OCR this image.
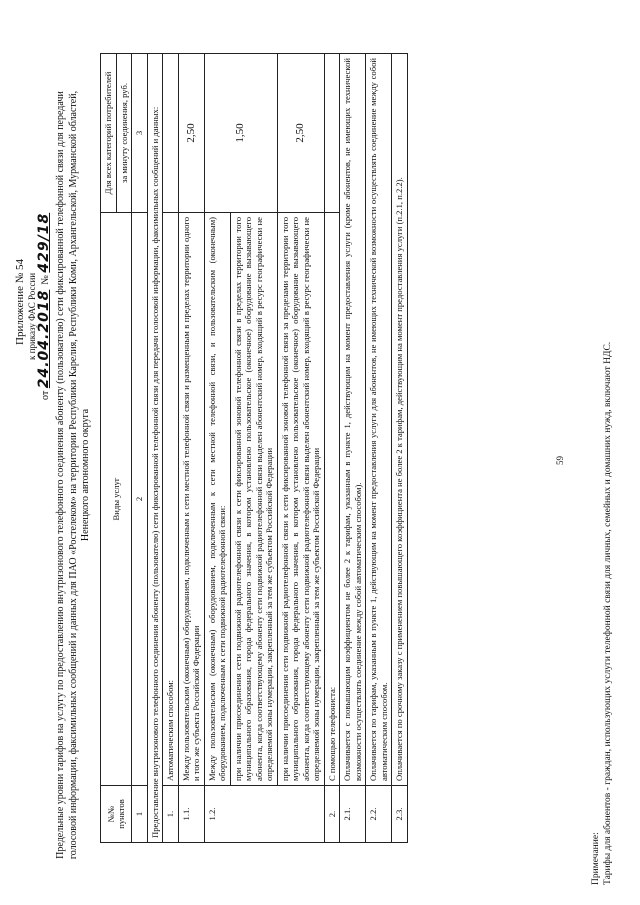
Приложение № 54 к приказу ФАС России
от 24.04.2018  № 429/18 Предельные уровни тарифов на услугу по предоставлению внутризонового телефонного соединения абоненту (пользователю) сети фиксированной телефонной связи для передачи голосовой информации, факсимильных сообщений и данных для ПАО «Ростелеком» на территории Республики Карелия, Республики Коми, Архангельской, Мурманской областей, Ненецкого автономного округа
№№ пунктов	Виды услуг	Для всех категорий потребителей
		за минуту соединения, руб.
1	2	3
Предоставление внутризонового телефонного соединения абоненту (пользователю) сети фиксированной телефонной связи для передачи голосовой информации, факсимильных сообщений и данных:		
1.	Автоматическим способом:	
1.1.	Между пользовательским (оконечным) оборудованием, подключенным к сети местной телефонной связи и размещенным в пределах территории одного и того же субъекта Российской Федерации	2,50
1.2.	Между пользовательским (оконечным) оборудованием, подключенным к сети местной телефонной связи, и пользовательским (оконечным) оборудованием, подключенным к сети подвижной радиотелефонной связи:	1,50
	при наличии присоединения сети подвижной радиотелефонной связи к сети фиксированной зоновой телефонной связи в пределах территории того муниципального образования, города федерального значения, в котором установлено пользовательское (оконечное) оборудование вызывающего абонента, когда соответствующему абоненту сети подвижной радиотелефонной связи выделен абонентский номер, входящий в ресурс географически не определяемой зоны нумерации, закрепленный за тем же субъектом Российской Федерации	
	при наличии присоединения сети подвижной радиотелефонной связи к сети фиксированной зоновой телефонной связи за пределами территории того муниципального образования, города федерального значения, в котором установлено пользовательское (оконечное) оборудование вызывающего абонента, когда соответствующему абоненту сети подвижной радиотелефонной связи выделен абонентский номер, входящий в ресурс географически не определяемой зоны нумерации, закрепленный за тем же субъектом Российской Федерации	2,50
2.	С помощью телефониста:	
2.1.	Оплачивается с повышающим коэффициентом не более 2 к тарифам, указанным в пункте 1, действующим на момент предоставления услуги (кроме абонентов, не имеющих технической возможности осуществлять соединение между собой автоматическим способом).	
2.2.	Оплачивается по тарифам, указанным в пункте 1, действующим на момент предоставления услуги для абонентов, не имеющих технической возможности осуществлять соединение между собой автоматическим способом.	
2.3.	Оплачивается по срочному заказу с применением повышающего коэффициента не более 2 к тарифам, действующим на момент предоставления услуги (п.2.1, п.2.2).		59
Примечание: Тарифы для абонентов - граждан, использующих услуги телефонной связи для личных, семейных и домашних нужд, включают НДС.
